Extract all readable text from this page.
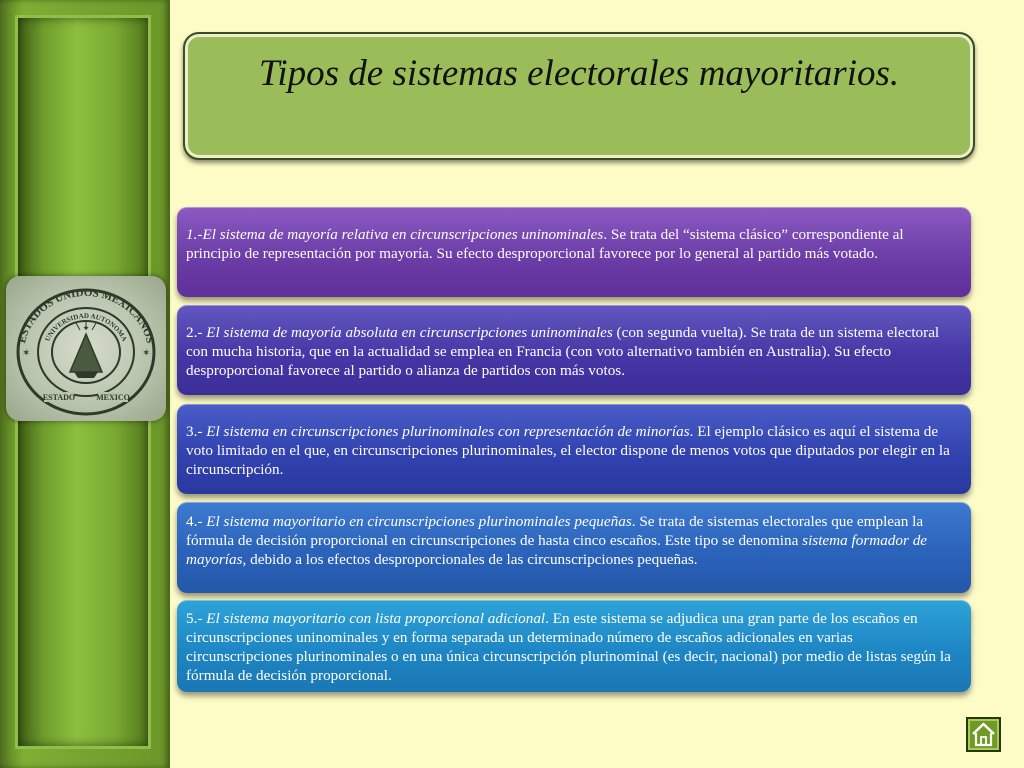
ESTADOS UNIDOS MEXICANOS
UNIVERSIDAD AUTONOMA
✦
ESTADO	MEXICO
✶	✶
Tipos de sistemas electorales mayoritarios.

1.-El sistema de mayoría relativa en circunscripciones uninominales. Se trata del “sistema clásico” correspondiente al principio de representación por mayoría. Su efecto desproporcional favorece por lo general al partido más votado.

2.- El sistema de mayoría absoluta en circunscripciones uninominales (con segunda vuelta). Se trata de un sistema electoral con mucha historia, que en la actualidad se emplea en Francia (con voto alternativo también en Australia). Su efecto desproporcional favorece al partido o alianza de partidos con más votos.

3.- El sistema en circunscripciones plurinominales con representación de minorías. El ejemplo clásico es aquí el sistema de voto limitado en el que, en circunscripciones plurinominales, el elector dispone de menos votos que diputados por elegir en la circunscripción.

4.- El sistema mayoritario en circunscripciones plurinominales pequeñas. Se trata de sistemas electorales que emplean la fórmula de decisión proporcional en circunscripciones de hasta cinco escaños. Este tipo se denomina sistema formador de mayorías, debido a los efectos desproporcionales de las circunscripciones pequeñas.

5.- El sistema mayoritario con lista proporcional adicional. En este sistema se adjudica una gran parte de los escaños en circunscripciones uninominales y en forma separada un determinado número de escaños adicionales en varias circunscripciones plurinominales o en una única circunscripción plurinominal (es decir, nacional) por medio de listas según la fórmula de decisión proporcional.
